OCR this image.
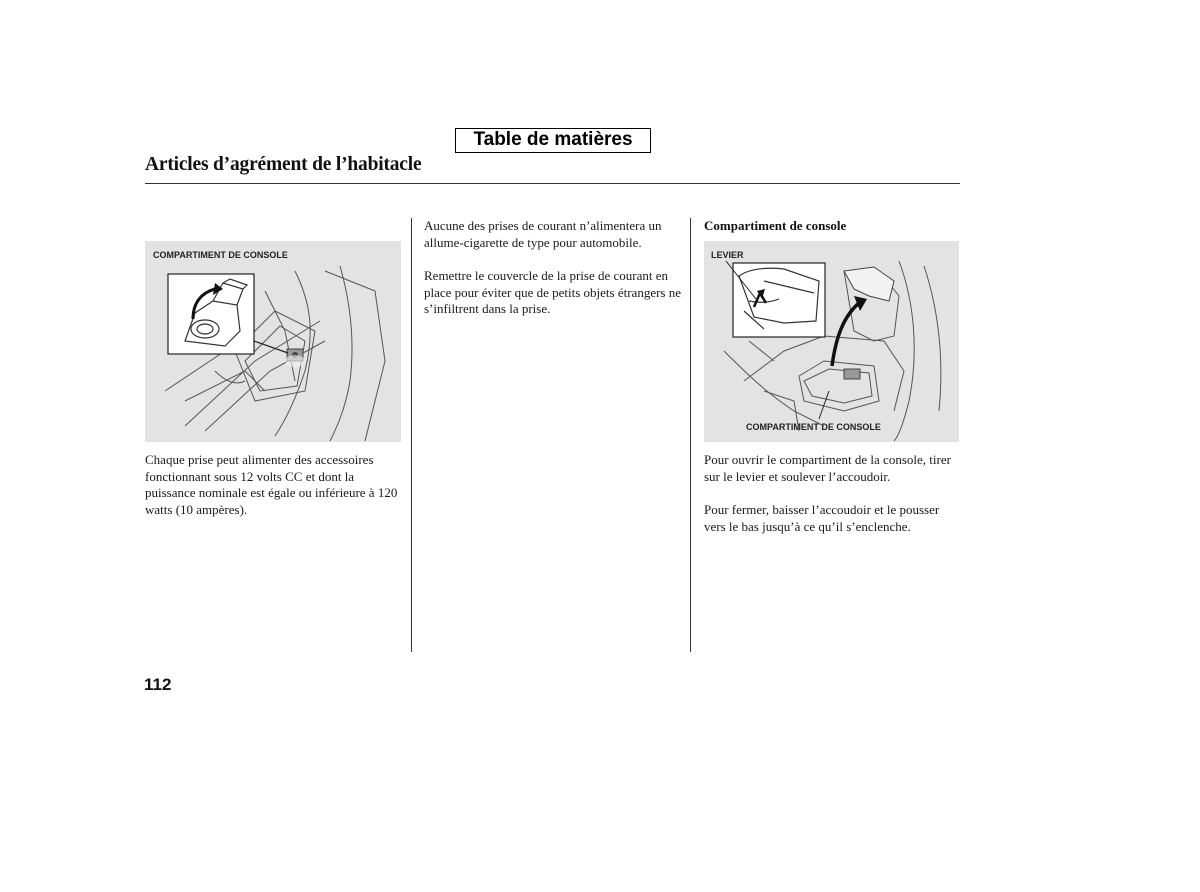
Table de matières
Articles d’agrément de l’habitacle
COMPARTIMENT DE CONSOLE

Chaque prise peut alimenter des accessoires fonctionnant sous 12 volts CC et dont la puissance nominale est égale ou inférieure à 120 watts (10 ampères).

Aucune des prises de courant n’alimentera un allume-cigarette de type pour automobile.

Remettre le couvercle de la prise de courant en place pour éviter que de petits objets étrangers ne s’infiltrent dans la prise.

Compartiment de console

LEVIER
COMPARTIMENT DE CONSOLE

Pour ouvrir le compartiment de la console, tirer sur le levier et soulever l’accoudoir.

Pour fermer, baisser l’accoudoir et le pousser vers le bas jusqu’à ce qu’il s’enclenche.

112
